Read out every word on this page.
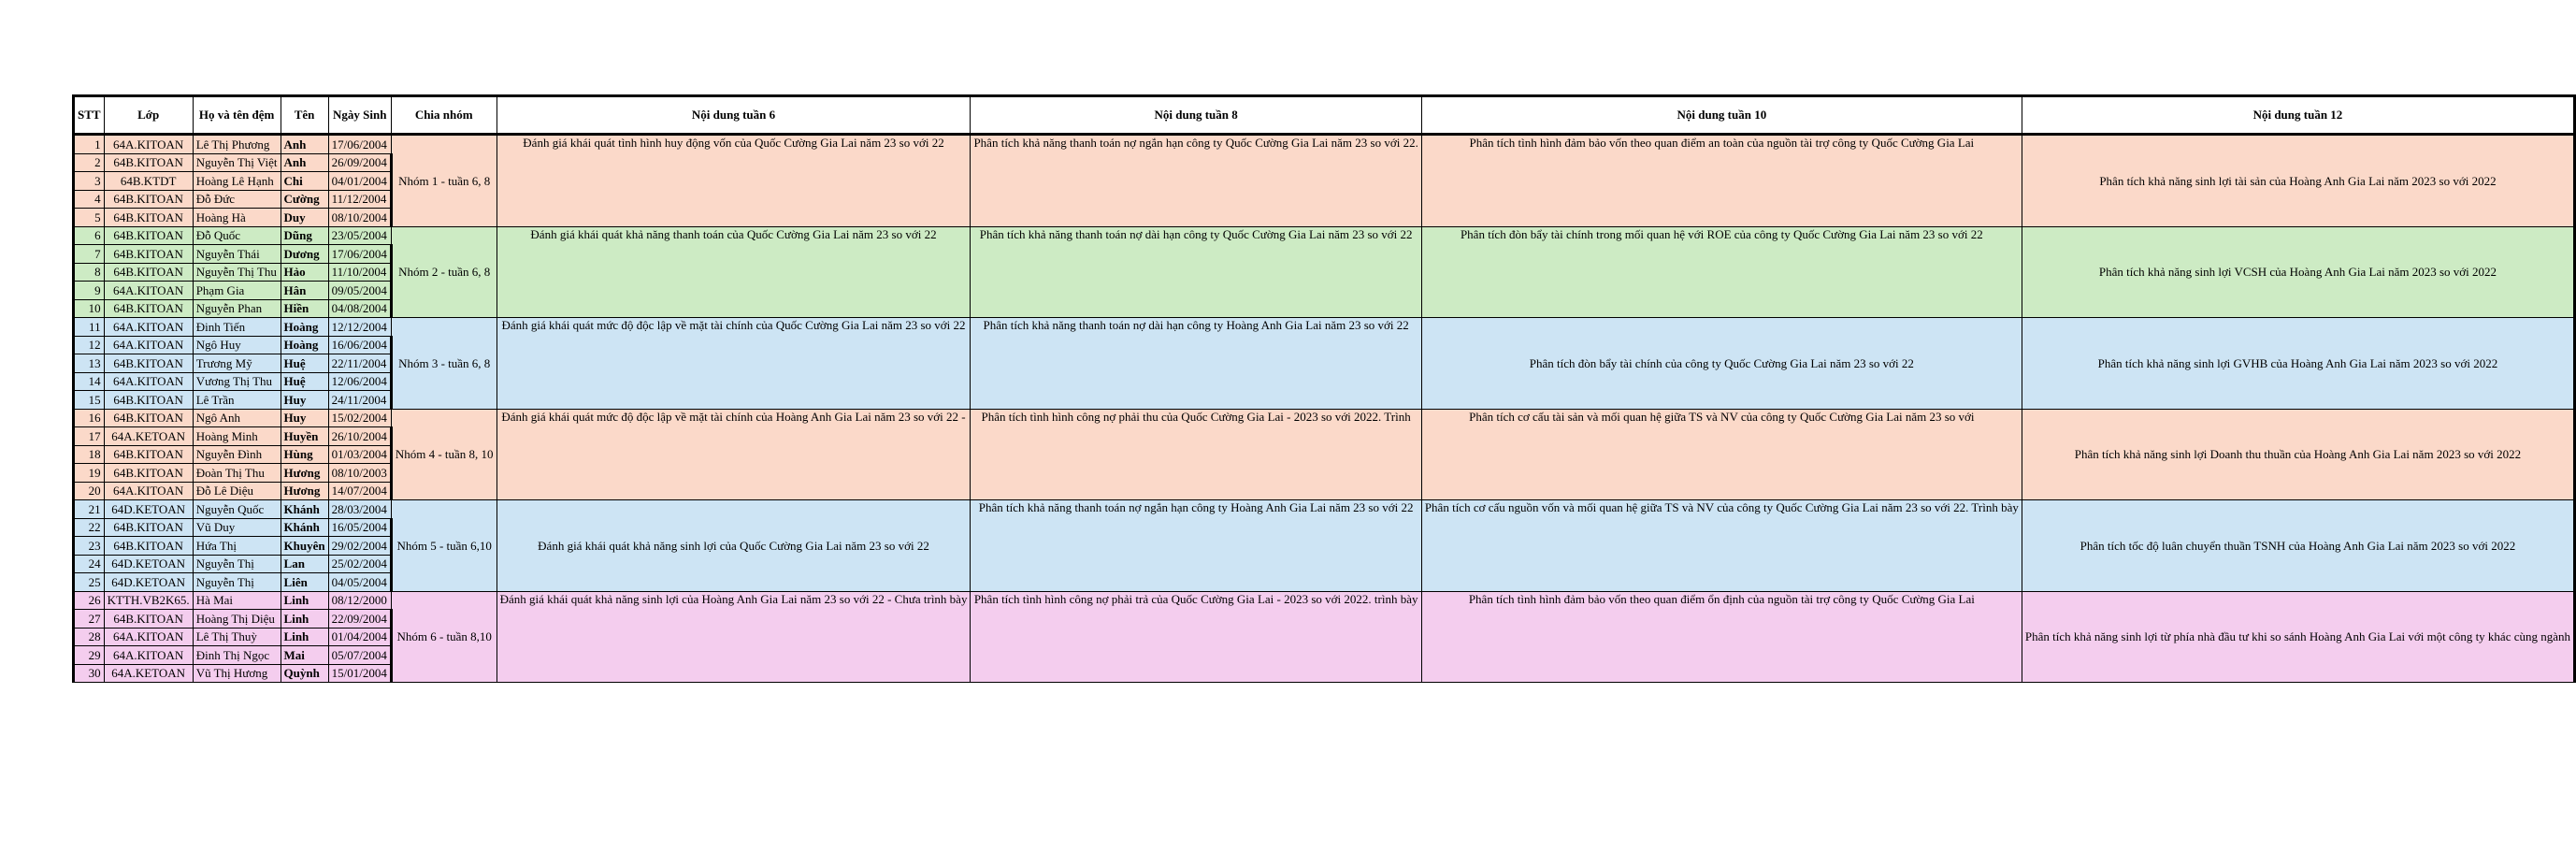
STT	Lớp	Họ và tên đệm	Tên	Ngày Sinh	Chia nhóm	Nội dung tuần 6	Nội dung tuần 8	Nội dung tuần 10	Nội dung tuần 12
1	64A.KITOAN	Lê Thị Phương	Anh	17/06/2004	Nhóm 1 - tuần 6, 8	Đánh giá khái quát tình hình huy động vốn của Quốc Cường Gia Lai năm 23 so với 22	Phân tích khả năng thanh toán nợ ngắn hạn công ty Quốc Cường Gia Lai năm 23 so với 22.	Phân tích tình hình đảm bảo vốn theo quan điểm an toàn của nguồn tài trợ công ty Quốc Cường Gia Lai	Phân tích khả năng sinh lợi tài sản của Hoàng Anh Gia Lai năm 2023 so với 2022

2	64B.KITOAN	Nguyễn Thị Việt	Anh	26/09/2004					
3	64B.KTDT	Hoàng Lê Hạnh	Chi	04/01/2004					
4	64B.KITOAN	Đỗ Đức	Cường	11/12/2004					
5	64B.KITOAN	Hoàng Hà	Duy	08/10/2004					
6	64B.KITOAN	Đỗ Quốc	Dũng	23/05/2004	Nhóm 2 - tuần 6, 8	Đánh giá khái quát khả năng thanh toán của Quốc Cường Gia Lai năm 23 so với 22	Phân tích khả năng thanh toán nợ dài hạn công ty Quốc Cường Gia Lai năm 23 so với 22	Phân tích đòn bẩy tài chính trong mối quan hệ với ROE của công ty Quốc Cường Gia Lai năm 23 so với 22	Phân tích khả năng sinh lợi VCSH của Hoàng Anh Gia Lai năm 2023 so với 2022

7	64B.KITOAN	Nguyễn Thái	Dương	17/06/2004					
8	64B.KITOAN	Nguyễn Thị Thu	Hảo	11/10/2004					
9	64A.KITOAN	Phạm Gia	Hân	09/05/2004					
10	64B.KITOAN	Nguyễn Phan	Hiền	04/08/2004					
11	64A.KITOAN	Đinh Tiến	Hoàng	12/12/2004	Nhóm 3 - tuần 6, 8	Đánh giá khái quát mức độ độc lập về mặt tài chính của Quốc Cường Gia Lai năm 23 so với 22	Phân tích khả năng thanh toán nợ dài hạn công ty Hoàng Anh Gia Lai năm 23 so với 22	Phân tích đòn bẩy tài chính của công ty Quốc Cường Gia Lai năm 23 so với 22	Phân tích khả năng sinh lợi GVHB của Hoàng Anh Gia Lai năm 2023 so với 2022

12	64A.KITOAN	Ngô Huy	Hoàng	16/06/2004					
13	64B.KITOAN	Trương Mỹ	Huệ	22/11/2004					
14	64A.KITOAN	Vương Thị Thu	Huệ	12/06/2004					
15	64B.KITOAN	Lê Trần	Huy	24/11/2004					
16	64B.KITOAN	Ngô Anh	Huy	15/02/2004	Nhóm 4 - tuần 8, 10	Đánh giá khái quát mức độ độc lập về mặt tài chính của Hoàng Anh Gia Lai năm 23 so với 22 -	Phân tích tình hình công nợ phải thu của Quốc Cường Gia Lai - 2023 so với 2022. Trình	Phân tích cơ cấu tài sản và mối quan hệ giữa TS và NV của công ty Quốc Cường Gia Lai năm 23 so với	Phân tích khả năng sinh lợi Doanh thu thuần của Hoàng Anh Gia Lai năm 2023 so với 2022

17	64A.KETOAN	Hoàng Minh	Huyền	26/10/2004					
18	64B.KITOAN	Nguyễn Đình	Hùng	01/03/2004					
19	64B.KITOAN	Đoàn Thị Thu	Hương	08/10/2003					
20	64A.KITOAN	Đỗ Lê Diệu	Hương	14/07/2004					
21	64D.KETOAN	Nguyễn Quốc	Khánh	28/03/2004	Nhóm 5 - tuần 6,10	Đánh giá khái quát khả năng sinh lợi của Quốc Cường Gia Lai năm 23 so với 22	Phân tích khả năng thanh toán nợ ngắn hạn công ty Hoàng Anh Gia Lai năm 23 so với 22	Phân tích cơ cấu nguồn vốn và mối quan hệ giữa TS và NV của công ty Quốc Cường Gia Lai năm 23 so với 22. Trình bày	Phân tích tốc độ luân chuyển thuần TSNH của Hoàng Anh Gia Lai năm 2023 so với 2022

22	64B.KITOAN	Vũ Duy	Khánh	16/05/2004					
23	64B.KITOAN	Hứa Thị	Khuyên	29/02/2004					
24	64D.KETOAN	Nguyễn Thị	Lan	25/02/2004					
25	64D.KETOAN	Nguyễn Thị	Liên	04/05/2004					
26	KTTH.VB2K65.	Hà Mai	Linh	08/12/2000	Nhóm 6 - tuần 8,10	Đánh giá khái quát khả năng sinh lợi của Hoàng Anh Gia Lai năm 23 so với 22 - Chưa trình bày	Phân tích tình hình công nợ phải trả của Quốc Cường Gia Lai - 2023 so với 2022. trình bày	Phân tích tình hình đảm bảo vốn theo quan điểm ổn định của nguồn tài trợ công ty Quốc Cường Gia Lai	Phân tích khả năng sinh lợi từ phía nhà đầu tư khi so sánh Hoàng Anh Gia Lai với một công ty khác cùng ngành

27	64B.KITOAN	Hoàng Thị Diệu	Linh	22/09/2004					
28	64A.KITOAN	Lê Thị Thuỳ	Linh	01/04/2004					
29	64A.KITOAN	Đinh Thị Ngọc	Mai	05/07/2004					
30	64A.KETOAN	Vũ Thị Hương	Quỳnh	15/01/2004					
